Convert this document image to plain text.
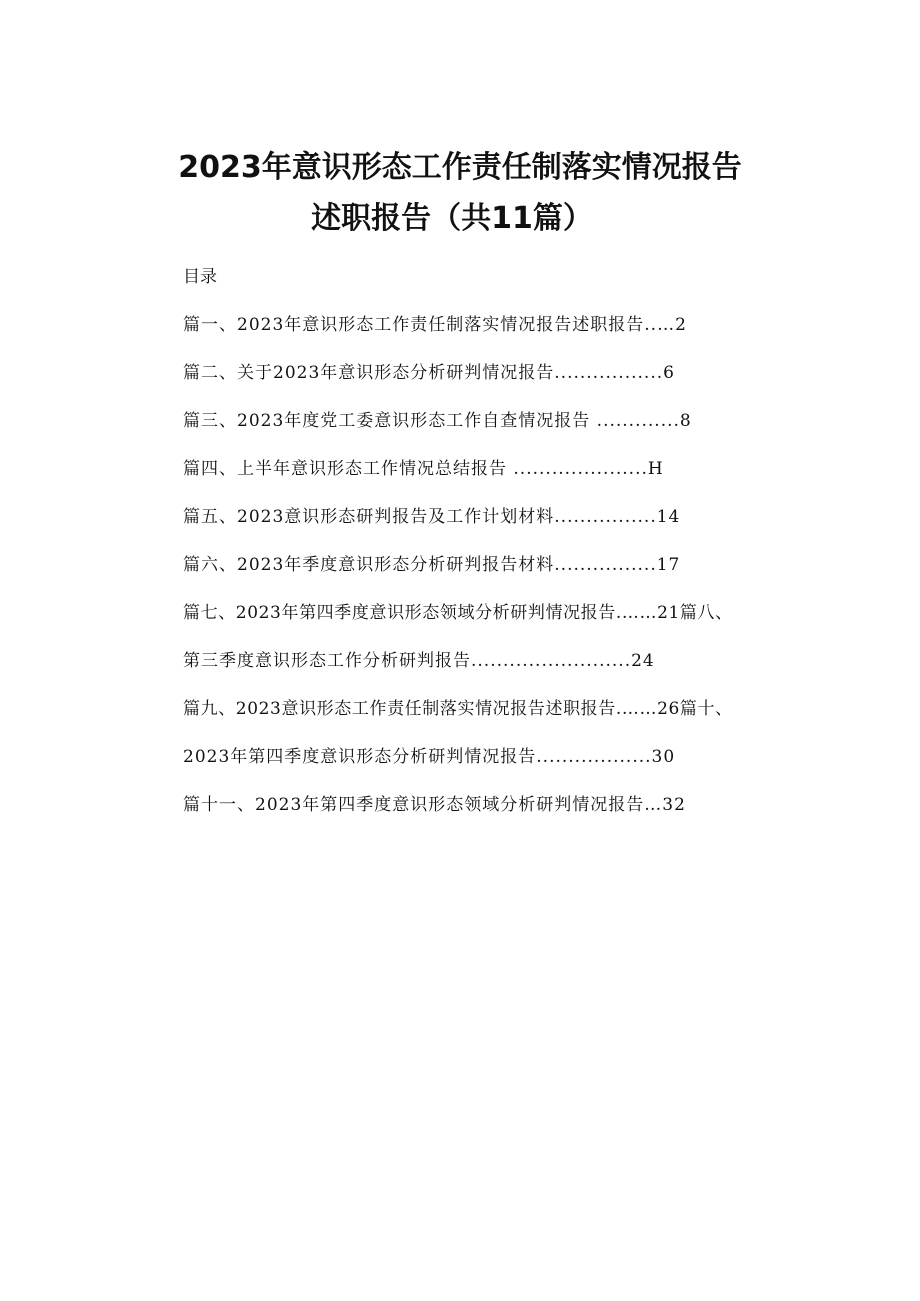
2023年意识形态工作责任制落实情况报告
述职报告（共11篇）
目录
篇一、2023年意识形态工作责任制落实情况报告述职报告..…2
篇二、关于2023年意识形态分析研判情况报告.................6
篇三、2023年度党工委意识形态工作自查情况报告 .............8
篇四、上半年意识形态工作情况总结报告 .....................H
篇五、2023意识形态研判报告及工作计划材料................14
篇六、2023年季度意识形态分析研判报告材料................17
篇七、2023年第四季度意识形态领域分析研判情况报告.……21篇八、
第三季度意识形态工作分析研判报告.........................24
篇九、2023意识形态工作责任制落实情况报告述职报告.……26篇十、
2023年第四季度意识形态分析研判情况报告..................30
篇十一、2023年第四季度意识形态领域分析研判情况报告…32
